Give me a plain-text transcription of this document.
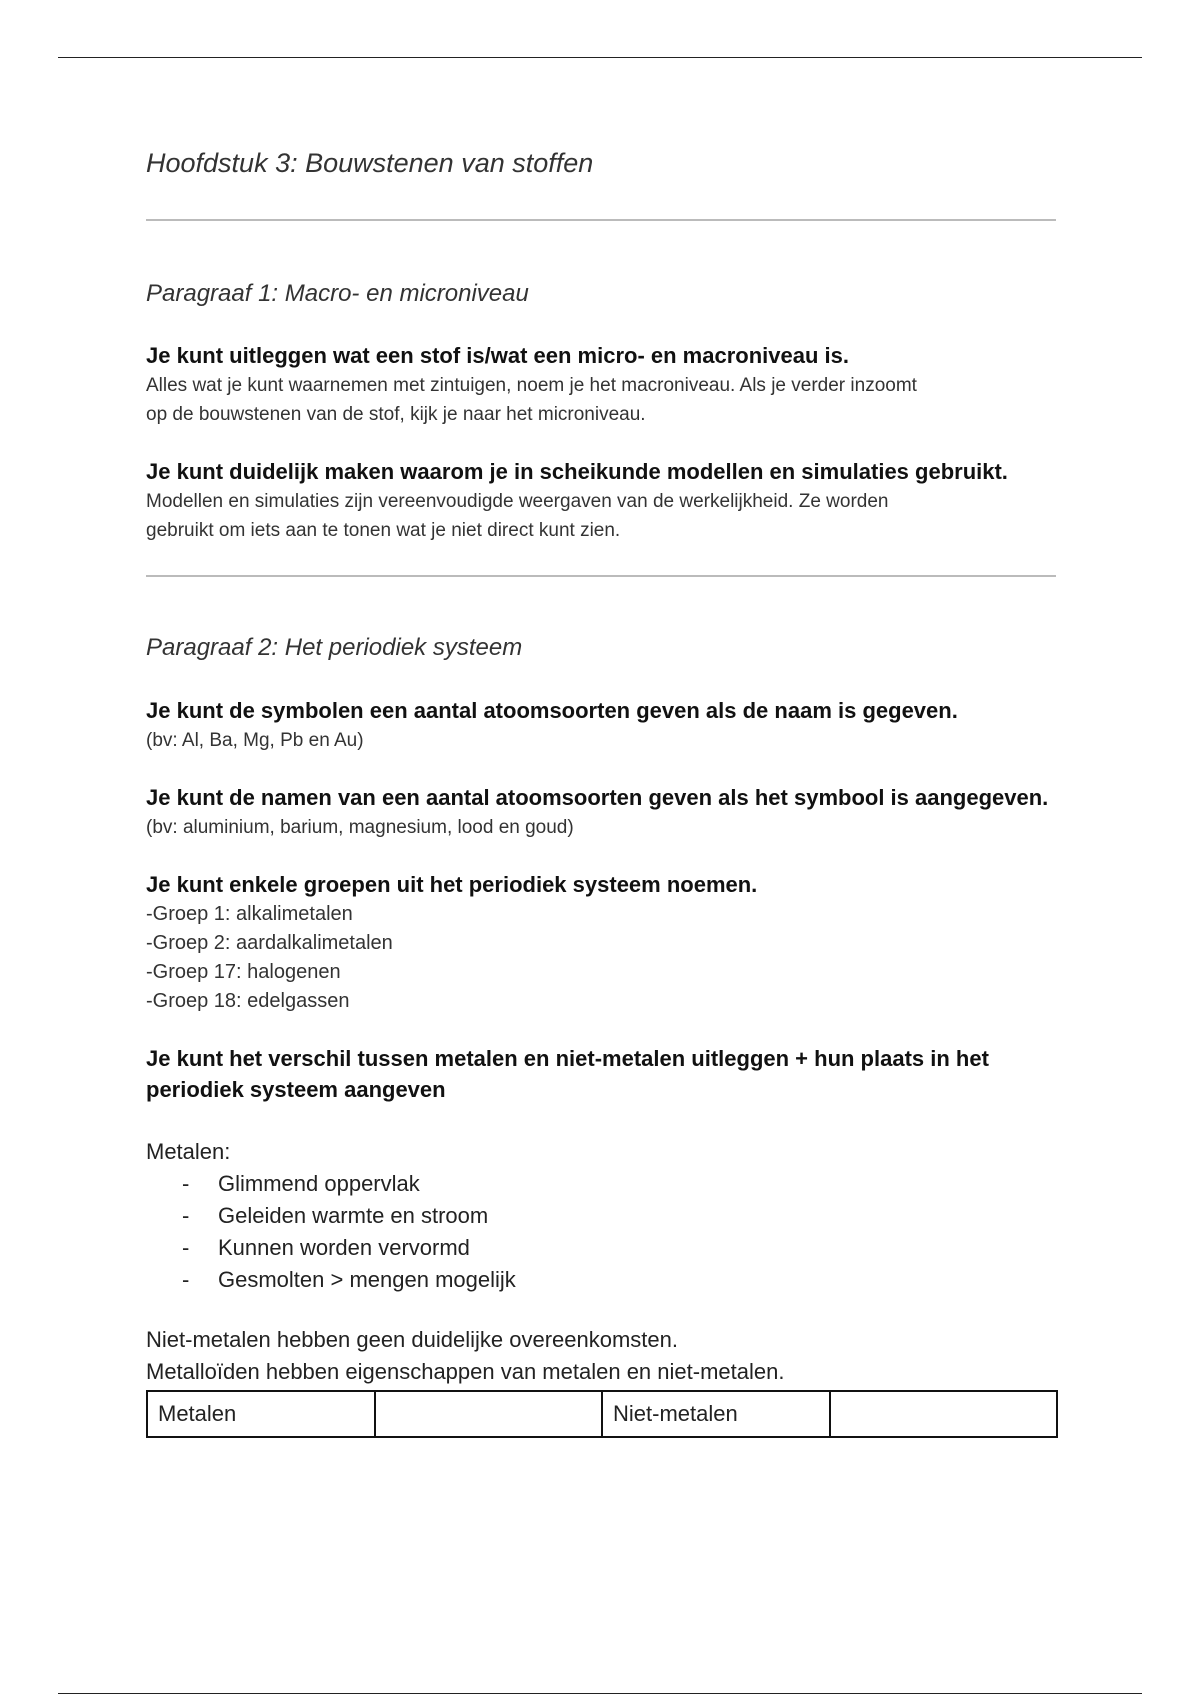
Hoofdstuk 3: Bouwstenen van stoffen
Paragraaf 1: Macro- en microniveau

Je kunt uitleggen wat een stof is/wat een micro- en macroniveau is.

Alles wat je kunt waarnemen met zintuigen, noem je het macroniveau. Als je verder inzoomt

op de bouwstenen van de stof, kijk je naar het microniveau.

Je kunt duidelijk maken waarom je in scheikunde modellen en simulaties gebruikt.

Modellen en simulaties zijn vereenvoudigde weergaven van de werkelijkheid. Ze worden

gebruikt om iets aan te tonen wat je niet direct kunt zien.

Paragraaf 2: Het periodiek systeem

Je kunt de symbolen een aantal atoomsoorten geven als de naam is gegeven.

(bv: Al, Ba, Mg, Pb en Au)

Je kunt de namen van een aantal atoomsoorten geven als het symbool is aangegeven.

(bv: aluminium, barium, magnesium, lood en goud)

Je kunt enkele groepen uit het periodiek systeem noemen.

-Groep 1: alkalimetalen
-Groep 2: aardalkalimetalen
-Groep 17: halogenen
-Groep 18: edelgassen

Je kunt het verschil tussen metalen en niet-metalen uitleggen + hun plaats in het periodiek systeem aangeven

Metalen:

- Glimmend oppervlak
- Geleiden warmte en stroom
- Kunnen worden vervormd
- Gesmolten > mengen mogelijk

Niet-metalen hebben geen duidelijke overeenkomsten.

Metalloïden hebben eigenschappen van metalen en niet-metalen.

Metalen		Niet-metalen	
